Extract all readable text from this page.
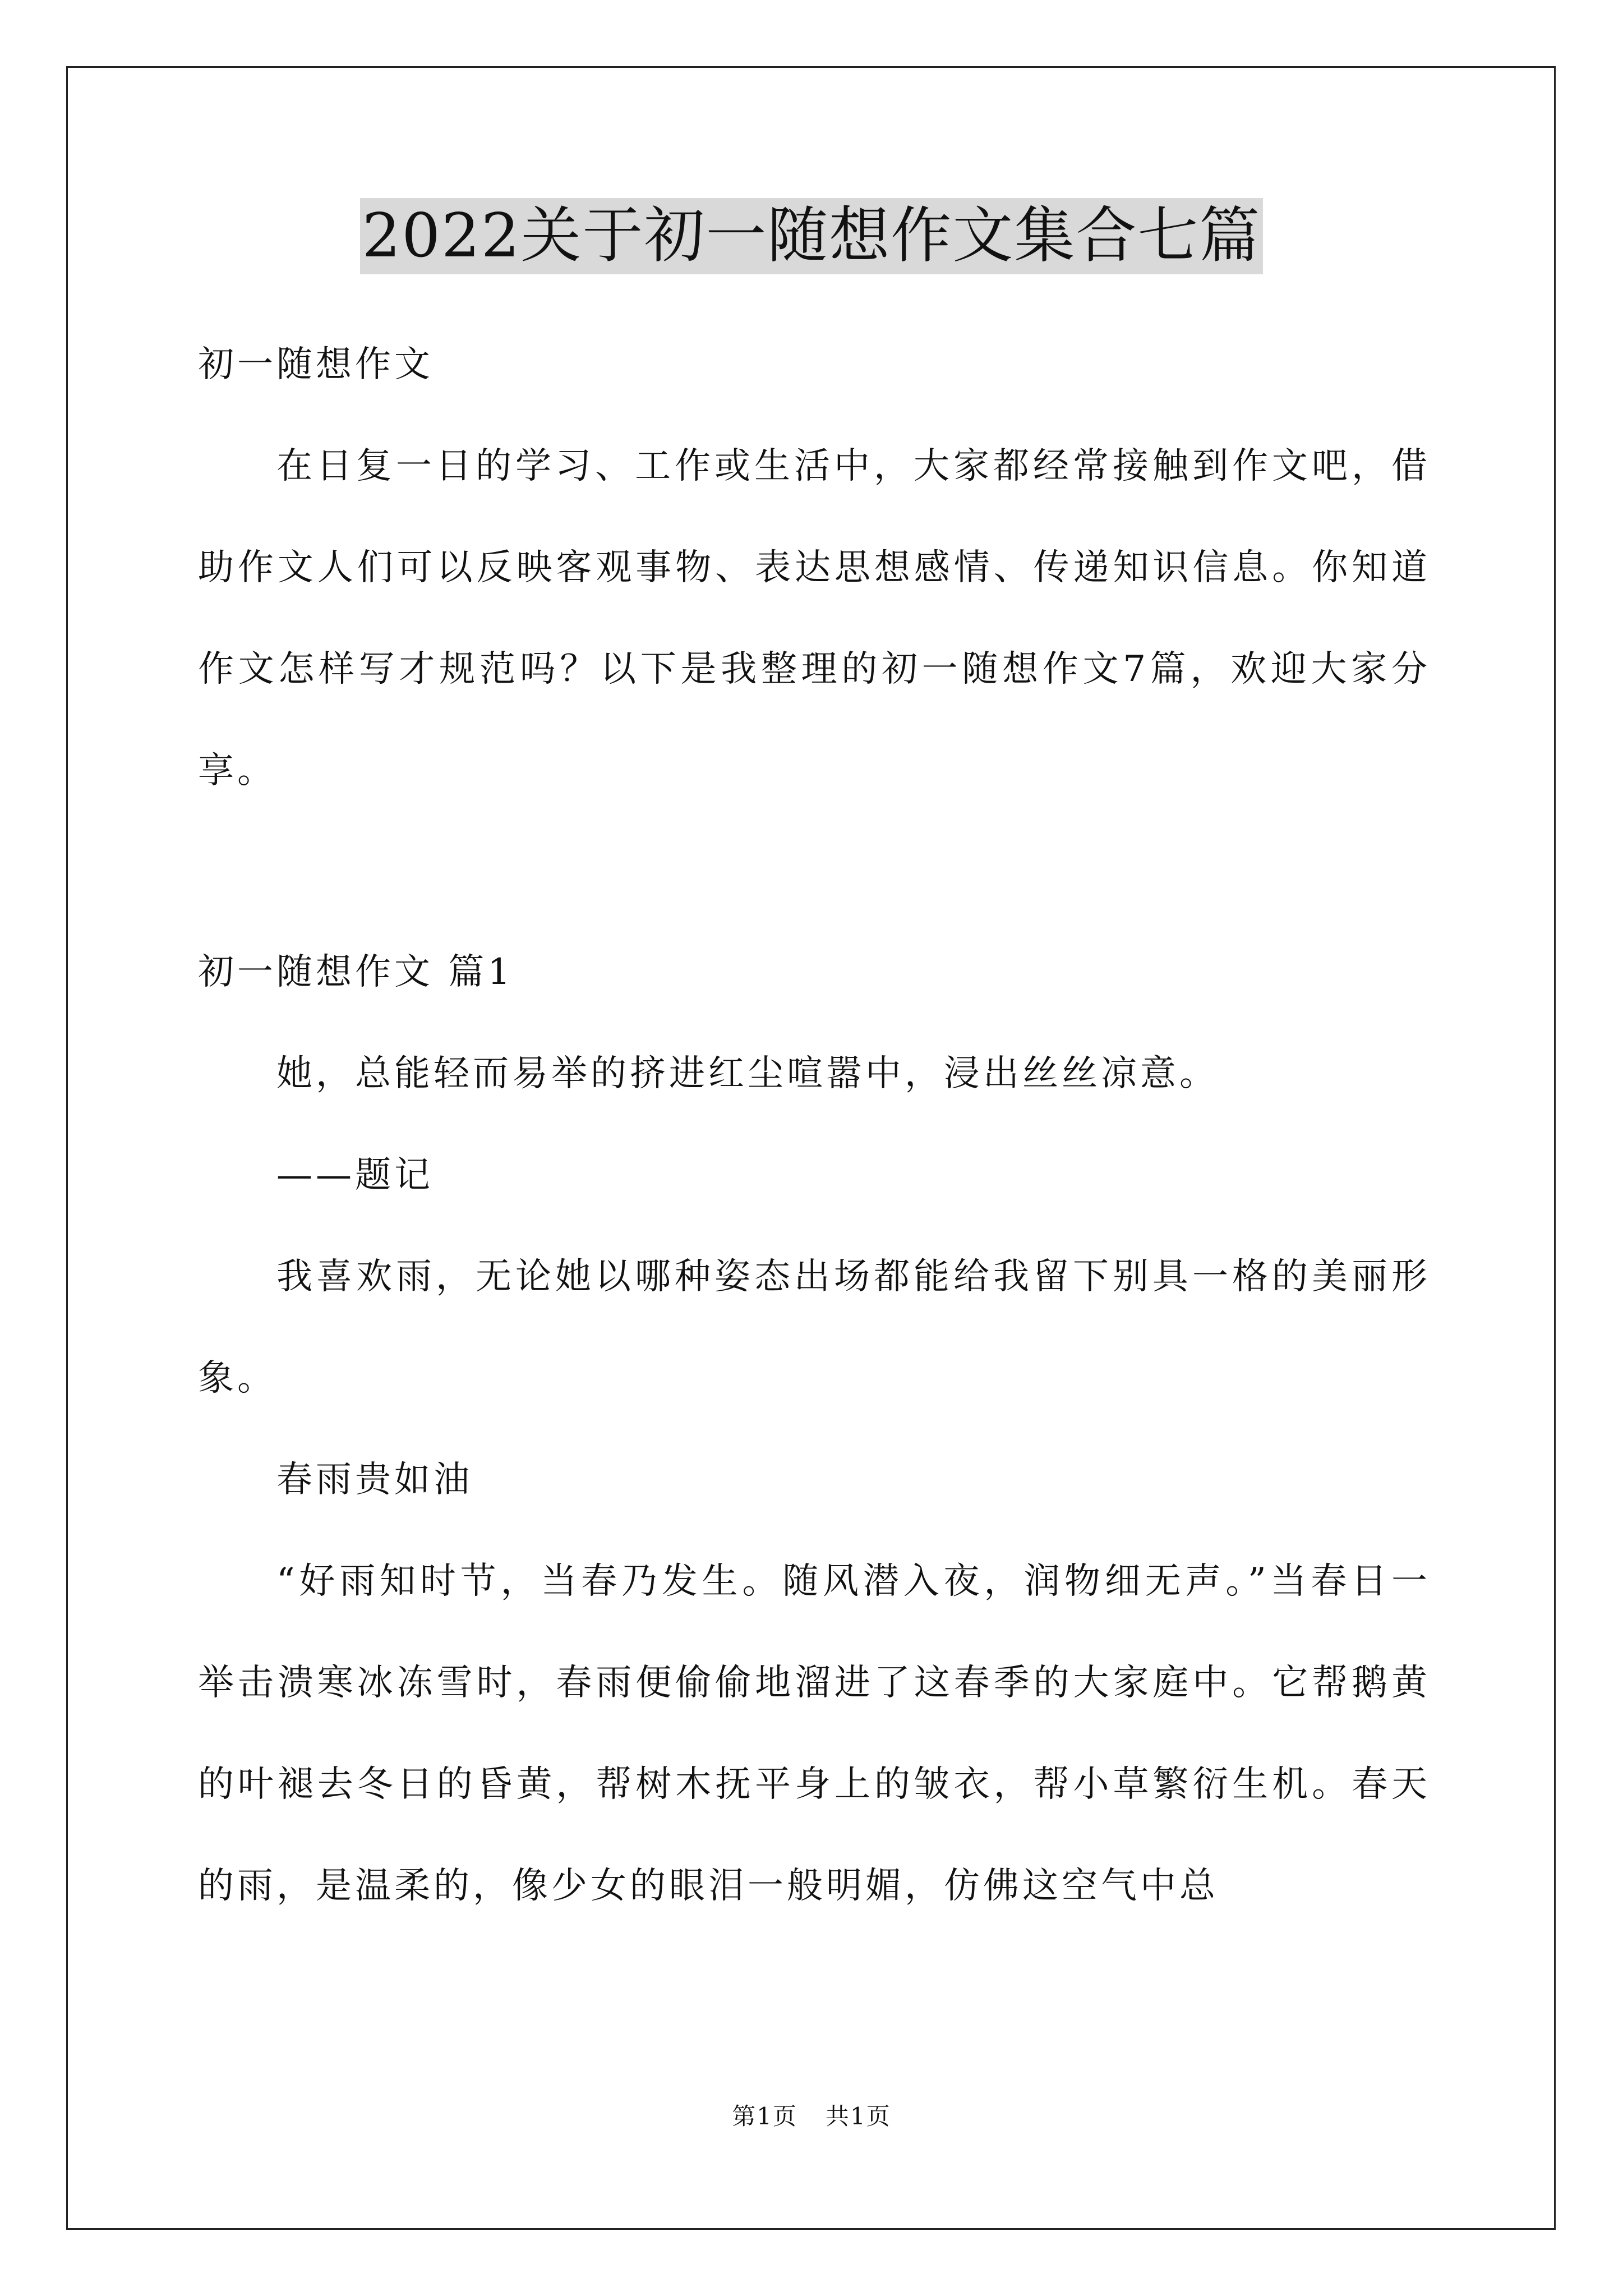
2022关于初一随想作文集合七篇

初一随想作文

在日复一日的学习、工作或生活中，大家都经常接触到作文吧，借助作文人们可以反映客观事物、表达思想感情、传递知识信息。你知道作文怎样写才规范吗？以下是我整理的初一随想作文7篇，欢迎大家分享。

初一随想作文 篇1

她，总能轻而易举的挤进红尘喧嚣中，浸出丝丝凉意。

——题记

我喜欢雨，无论她以哪种姿态出场都能给我留下别具一格的美丽形象。

春雨贵如油

“好雨知时节，当春乃发生。随风潜入夜，润物细无声。”当春日一举击溃寒冰冻雪时，春雨便偷偷地溜进了这春季的大家庭中。它帮鹅黄的叶褪去冬日的昏黄，帮树木抚平身上的皱衣，帮小草繁衍生机。春天的雨，是温柔的，像少女的眼泪一般明媚，仿佛这空气中总

第1页 共1页
